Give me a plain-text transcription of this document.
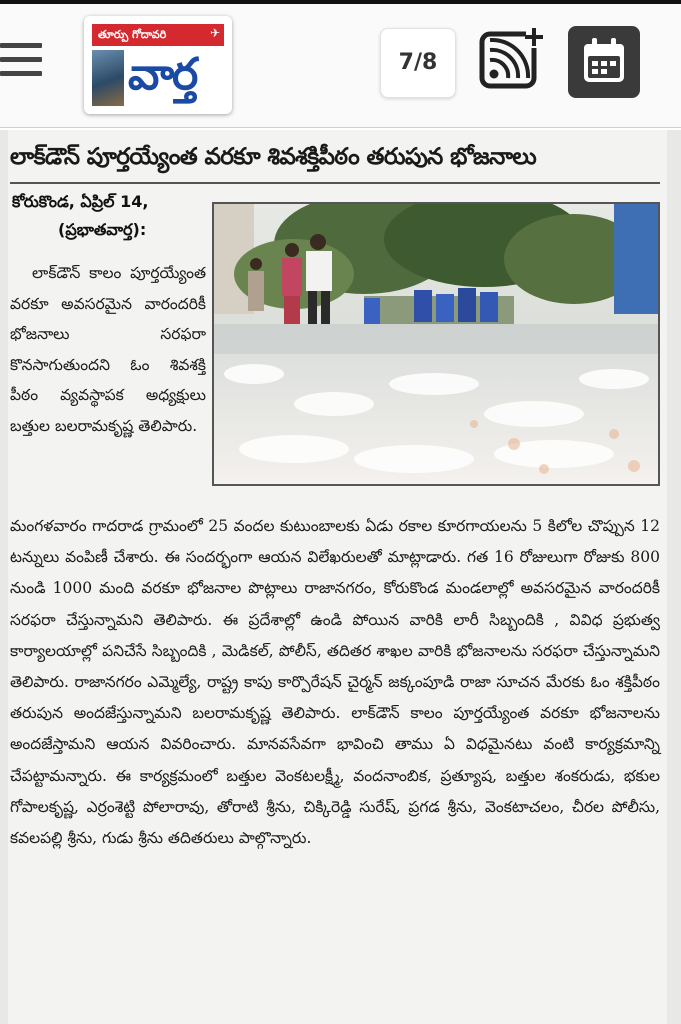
తూర్పు గోదావరి	✈
వార్త	7/8
లాక్‌డౌన్ పూర్తయ్యేంత వరకూ శివశక్తిపీఠం తరుపున భోజనాలు
కోరుకొండ, ఏప్రిల్ 14,
(ప్రభాతవార్త):

లాక్‌డౌన్ కాలం పూర్తయ్యేంత వరకూ అవసరమైన వారందరికీ భోజనాలు సరఫరా కొనసాగుతుందని ఓం శివశక్తి పీఠం వ్యవస్థాపక అధ్యక్షులు బత్తుల బలరామకృష్ణ తెలిపారు.

మంగళవారం గాదరాడ గ్రామంలో 25 వందల కుటుంబాలకు ఏడు రకాల కూరగాయలను 5 కిలోల చొప్పున 12 టన్నులు వంపిణీ చేశారు. ఈ సందర్భంగా ఆయన విలేఖరులతో మాట్లాడారు. గత 16 రోజులుగా రోజుకు 800 నుండి 1000 మంది వరకూ భోజనాల పొట్లాలు రాజానగరం, కోరుకొండ మండలాల్లో అవసరమైన వారందరికీ సరఫరా చేస్తున్నామని తెలిపారు. ఈ ప్రదేశాల్లో ఉండి పోయిన వారికి లారీ సిబ్బందికి , వివిధ ప్రభుత్వ కార్యాలయాల్లో పనిచేసే సిబ్బందికి , మెడికల్, పోలీస్, తదితర శాఖల వారికి భోజనాలను సరఫరా చేస్తున్నామని తెలిపారు. రాజానగరం ఎమ్మెల్యే, రాష్ట్ర కాపు కార్పొరేషన్ చైర్మన్ జక్కంపూడి రాజా సూచన మేరకు ఓం శక్తిపీఠం తరుపున అందజేస్తున్నామని బలరామకృష్ణ తెలిపారు. లాక్‌డౌన్ కాలం పూర్తయ్యేంత వరకూ భోజనాలను అందజేస్తామని ఆయన వివరించారు. మానవసేవగా భావించి తాము ఏ విధమైనటు వంటి కార్యక్రమాన్ని చేపట్టామన్నారు. ఈ కార్యక్రమంలో బత్తుల వెంకటలక్ష్మీ, వందనాంబిక, ప్రత్యూష, బత్తుల శంకరుడు, భకుల గోపాలకృష్ణ, ఎర్రంశెట్టి పోలారావు, తోరాటి శ్రీను, చిక్కిరెడ్డి సురేష్, ప్రగడ శ్రీను, వెంకటాచలం, చీరల పోలీసు, కవలపల్లి శ్రీను, గుడు శ్రీను తదితరులు పాల్గొన్నారు.
